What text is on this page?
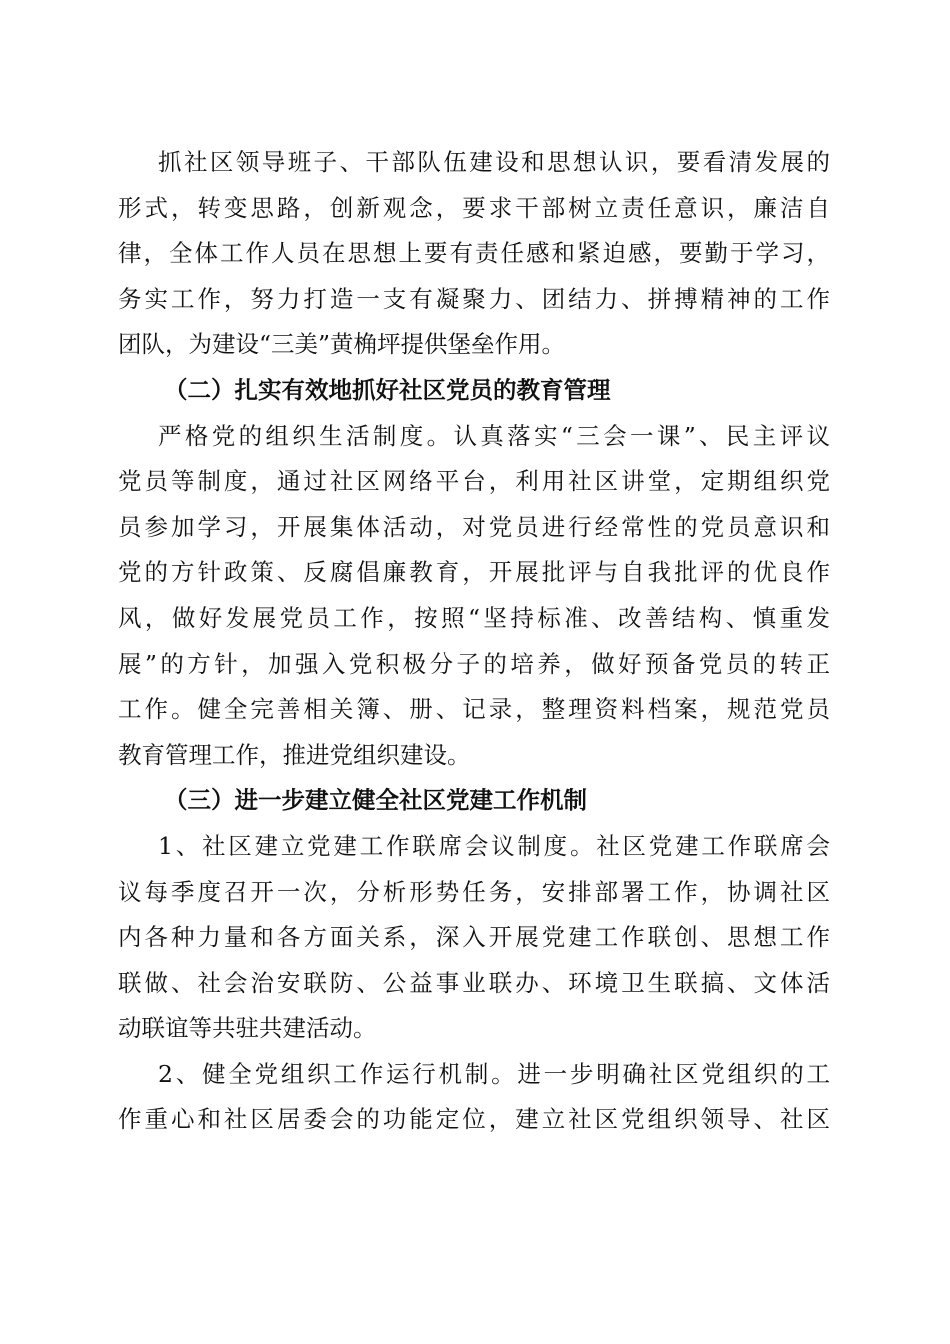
抓社区领导班子、干部队伍建设和思想认识，要看清发展的
形式，转变思路，创新观念，要求干部树立责任意识，廉洁自
律，全体工作人员在思想上要有责任感和紧迫感，要勤于学习，
务实工作，努力打造一支有凝聚力、团结力、拼搏精神的工作
团队，为建设“三美”黄桷坪提供堡垒作用。
（二）扎实有效地抓好社区党员的教育管理
严格党的组织生活制度。认真落实“三会一课”、民主评议
党员等制度，通过社区网络平台，利用社区讲堂，定期组织党
员参加学习，开展集体活动，对党员进行经常性的党员意识和
党的方针政策、反腐倡廉教育，开展批评与自我批评的优良作
风，做好发展党员工作，按照“坚持标准、改善结构、慎重发
展”的方针，加强入党积极分子的培养，做好预备党员的转正
工作。健全完善相关簿、册、记录，整理资料档案，规范党员
教育管理工作，推进党组织建设。
（三）进一步建立健全社区党建工作机制
1、社区建立党建工作联席会议制度。社区党建工作联席会
议每季度召开一次，分析形势任务，安排部署工作，协调社区
内各种力量和各方面关系，深入开展党建工作联创、思想工作
联做、社会治安联防、公益事业联办、环境卫生联搞、文体活
动联谊等共驻共建活动。
2、健全党组织工作运行机制。进一步明确社区党组织的工
作重心和社区居委会的功能定位，建立社区党组织领导、社区
